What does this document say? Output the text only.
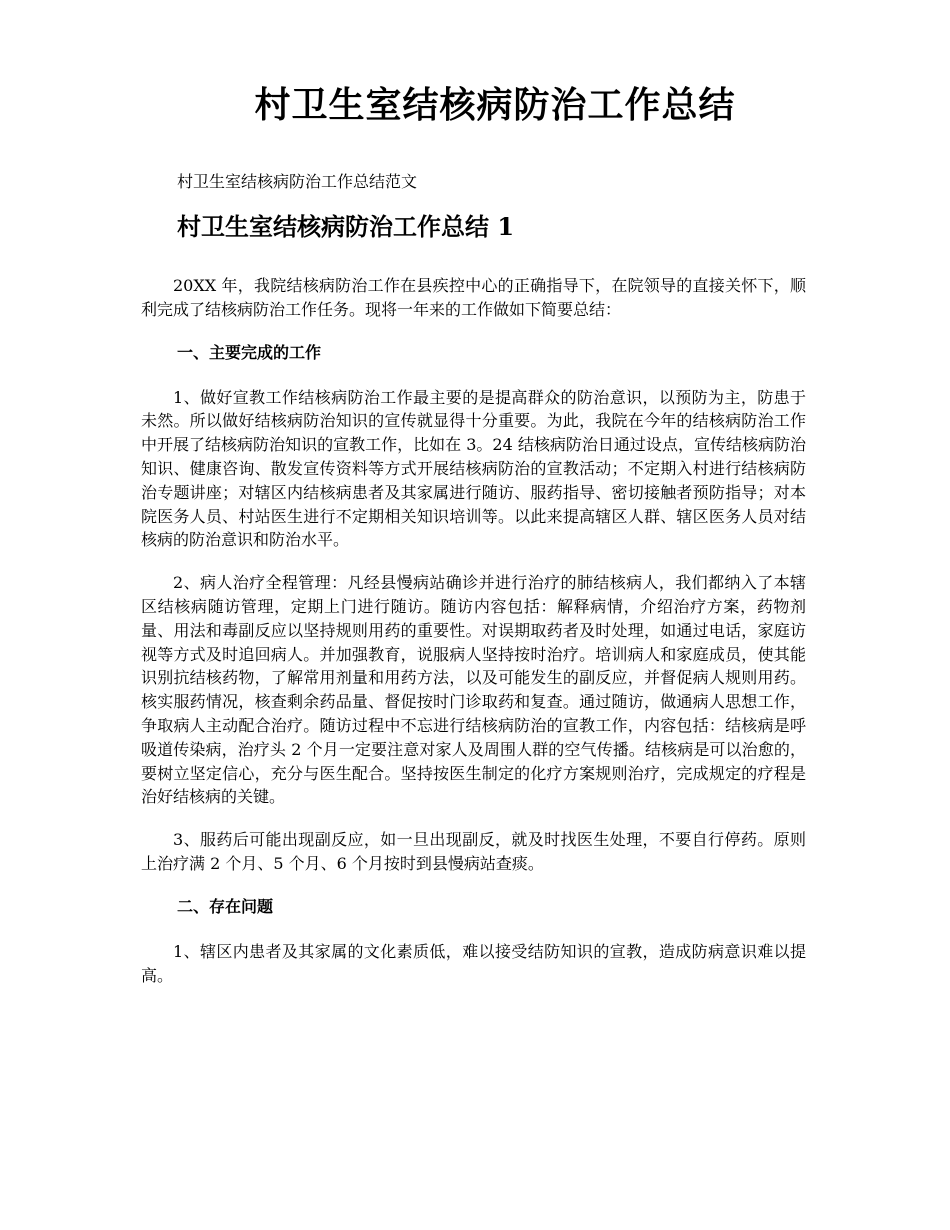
村卫生室结核病防治工作总结
村卫生室结核病防治工作总结范文
村卫生室结核病防治工作总结 1

20XX 年，我院结核病防治工作在县疾控中心的正确指导下，在院领导的直接关怀下，顺利完成了结核病防治工作任务。现将一年来的工作做如下简要总结：

一、主要完成的工作

1、做好宣教工作结核病防治工作最主要的是提高群众的防治意识，以预防为主，防患于未然。所以做好结核病防治知识的宣传就显得十分重要。为此，我院在今年的结核病防治工作中开展了结核病防治知识的宣教工作，比如在 3。24 结核病防治日通过设点，宣传结核病防治知识、健康咨询、散发宣传资料等方式开展结核病防治的宣教活动；不定期入村进行结核病防治专题讲座；对辖区内结核病患者及其家属进行随访、服药指导、密切接触者预防指导；对本院医务人员、村站医生进行不定期相关知识培训等。以此来提高辖区人群、辖区医务人员对结核病的防治意识和防治水平。

2、病人治疗全程管理：凡经县慢病站确诊并进行治疗的肺结核病人，我们都纳入了本辖区结核病随访管理，定期上门进行随访。随访内容包括：解释病情，介绍治疗方案，药物剂量、用法和毒副反应以坚持规则用药的重要性。对误期取药者及时处理，如通过电话，家庭访视等方式及时追回病人。并加强教育，说服病人坚持按时治疗。培训病人和家庭成员，使其能识别抗结核药物，了解常用剂量和用药方法，以及可能发生的副反应，并督促病人规则用药。核实服药情况，核查剩余药品量、督促按时门诊取药和复查。通过随访，做通病人思想工作，争取病人主动配合治疗。随访过程中不忘进行结核病防治的宣教工作，内容包括：结核病是呼吸道传染病，治疗头 2 个月一定要注意对家人及周围人群的空气传播。结核病是可以治愈的，要树立坚定信心，充分与医生配合。坚持按医生制定的化疗方案规则治疗，完成规定的疗程是治好结核病的关键。

3、服药后可能出现副反应，如一旦出现副反，就及时找医生处理，不要自行停药。原则上治疗满 2 个月、5 个月、6 个月按时到县慢病站查痰。

二、存在问题

1、辖区内患者及其家属的文化素质低，难以接受结防知识的宣教，造成防病意识难以提高。
